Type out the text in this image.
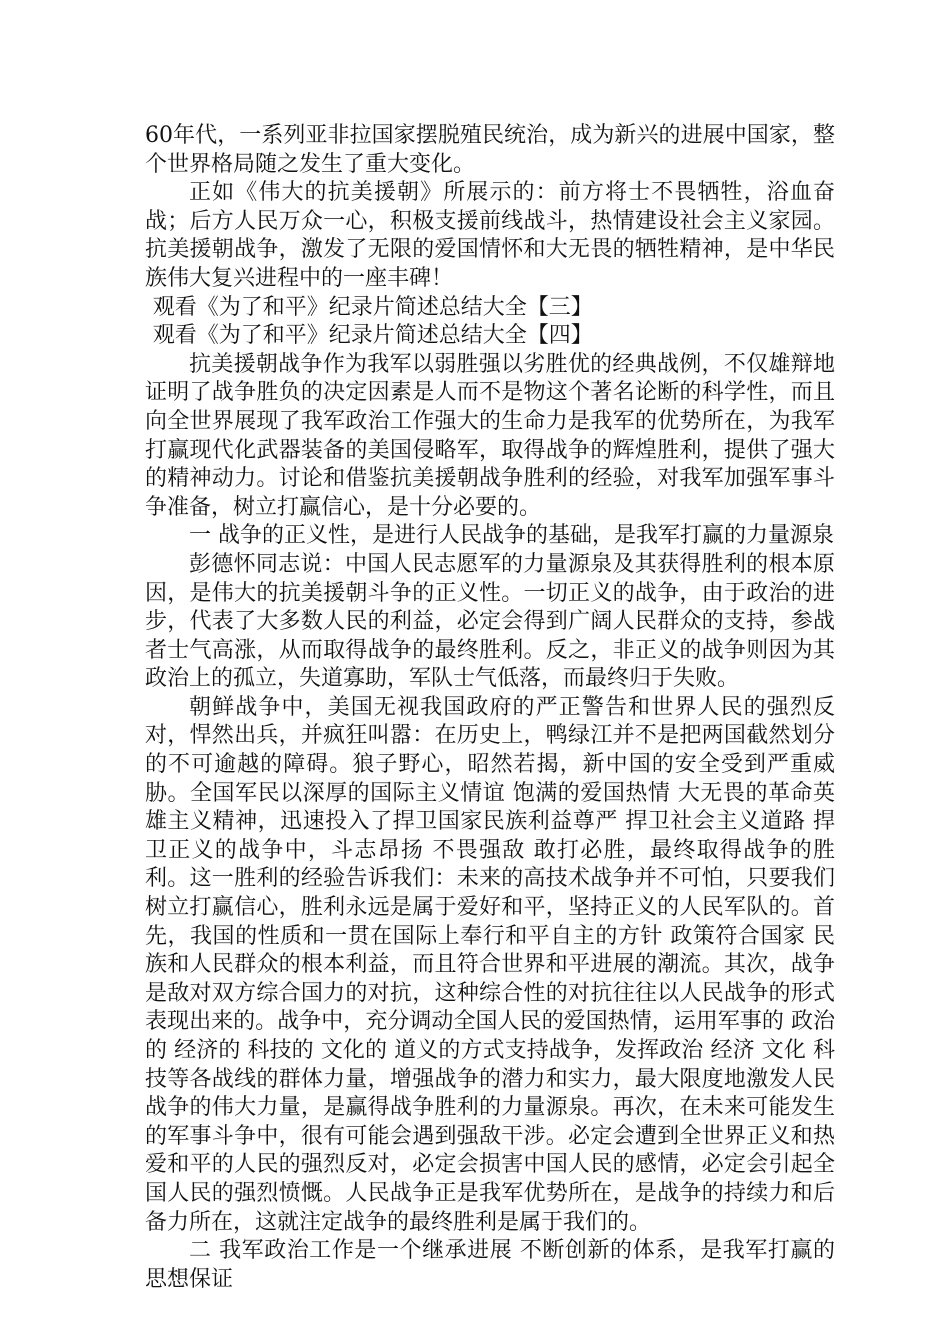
60年代，一系列亚非拉国家摆脱殖民统治，成为新兴的进展中国家，整个世界格局随之发生了重大变化。

正如《伟大的抗美援朝》所展示的：前方将士不畏牺牲，浴血奋战；后方人民万众一心，积极支援前线战斗，热情建设社会主义家园。抗美援朝战争，激发了无限的爱国情怀和大无畏的牺牲精神，是中华民族伟大复兴进程中的一座丰碑！

观看《为了和平》纪录片简述总结大全【三】

观看《为了和平》纪录片简述总结大全【四】

抗美援朝战争作为我军以弱胜强以劣胜优的经典战例，不仅雄辩地证明了战争胜负的决定因素是人而不是物这个著名论断的科学性，而且向全世界展现了我军政治工作强大的生命力是我军的优势所在，为我军打赢现代化武器装备的美国侵略军，取得战争的辉煌胜利，提供了强大的精神动力。讨论和借鉴抗美援朝战争胜利的经验，对我军加强军事斗争准备，树立打赢信心，是十分必要的。

一 战争的正义性，是进行人民战争的基础，是我军打赢的力量源泉

彭德怀同志说：中国人民志愿军的力量源泉及其获得胜利的根本原因，是伟大的抗美援朝斗争的正义性。一切正义的战争，由于政治的进步，代表了大多数人民的利益，必定会得到广阔人民群众的支持，参战者士气高涨，从而取得战争的最终胜利。反之，非正义的战争则因为其政治上的孤立，失道寡助，军队士气低落，而最终归于失败。

朝鲜战争中，美国无视我国政府的严正警告和世界人民的强烈反对，悍然出兵，并疯狂叫嚣：在历史上，鸭绿江并不是把两国截然划分的不可逾越的障碍。狼子野心，昭然若揭，新中国的安全受到严重威胁。全国军民以深厚的国际主义情谊 饱满的爱国热情 大无畏的革命英雄主义精神，迅速投入了捍卫国家民族利益尊严 捍卫社会主义道路 捍卫正义的战争中，斗志昂扬 不畏强敌 敢打必胜，最终取得战争的胜利。这一胜利的经验告诉我们：未来的高技术战争并不可怕，只要我们树立打赢信心，胜利永远是属于爱好和平，坚持正义的人民军队的。首先，我国的性质和一贯在国际上奉行和平自主的方针 政策符合国家 民族和人民群众的根本利益，而且符合世界和平进展的潮流。其次，战争是敌对双方综合国力的对抗，这种综合性的对抗往往以人民战争的形式表现出来的。战争中，充分调动全国人民的爱国热情，运用军事的 政治的 经济的 科技的 文化的 道义的方式支持战争，发挥政治 经济 文化 科技等各战线的群体力量，增强战争的潜力和实力，最大限度地激发人民战争的伟大力量，是赢得战争胜利的力量源泉。再次，在未来可能发生的军事斗争中，很有可能会遇到强敌干涉。必定会遭到全世界正义和热爱和平的人民的强烈反对，必定会损害中国人民的感情，必定会引起全国人民的强烈愤慨。人民战争正是我军优势所在，是战争的持续力和后备力所在，这就注定战争的最终胜利是属于我们的。

二 我军政治工作是一个继承进展 不断创新的体系，是我军打赢的思想保证
